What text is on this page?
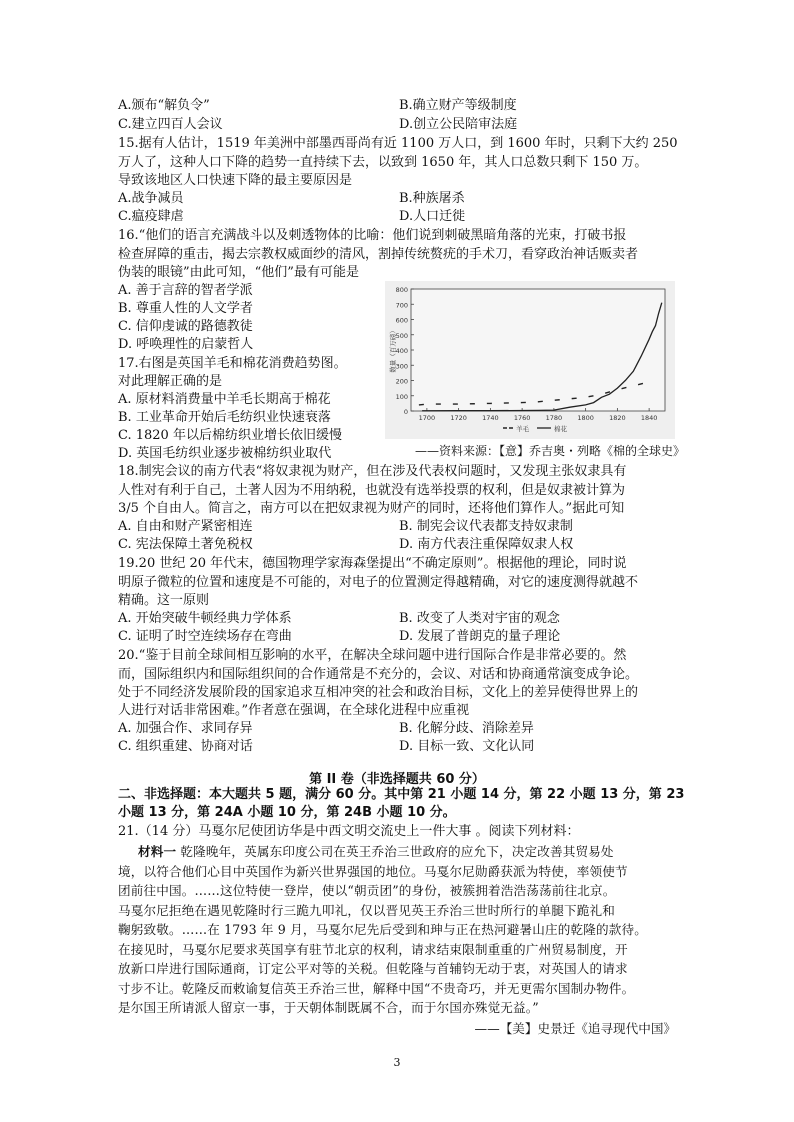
A.颁布“解负令”	B.确立财产等级制度
C.建立四百人会议	D.创立公民陪审法庭
15.据有人估计，1519 年美洲中部墨西哥尚有近 1100 万人口，到 1600 年时，只剩下大约 250
万人了，这种人口下降的趋势一直持续下去，以致到 1650 年，其人口总数只剩下 150 万。
导致该地区人口快速下降的最主要原因是
A.战争减员	B.种族屠杀
C.瘟疫肆虐	D.人口迁徙
16.“他们的语言充满战斗以及刺透物体的比喻：他们说到刺破黑暗角落的光束，打破书报
检查屏障的重击，揭去宗教权威面纱的清风，割掉传统赘疣的手术刀，看穿政治神话贩卖者
伪装的眼镜”由此可知，“他们”最有可能是
A. 善于言辞的智者学派
B. 尊重人性的人文学者
C. 信仰虔诚的路德教徒
D. 呼唤理性的启蒙哲人
17.右图是英国羊毛和棉花消费趋势图。
对此理解正确的是
A. 原材料消费量中羊毛长期高于棉花
B. 工业革命开始后毛纺织业快速衰落
C. 1820 年以后棉纺织业增长依旧缓慢
D. 英国毛纺织业逐步被棉纺织业取代
0
100
200
300
400
500
600
700
800
1700 1720 1740 1760 1780 1800 1820 1840
数量（百万磅）
羊毛	棉花
——资料来源：【意】乔吉奥・列略《棉的全球史》
18.制宪会议的南方代表“将奴隶视为财产，但在涉及代表权问题时，又发现主张奴隶具有
人性对有利于自己，土著人因为不用纳税，也就没有选举投票的权利，但是奴隶被计算为
3/5 个自由人。简言之，南方可以在把奴隶视为财产的同时，还将他们算作人。”据此可知
A. 自由和财产紧密相连	B. 制宪会议代表都支持奴隶制
C. 宪法保障土著免税权	D. 南方代表注重保障奴隶人权
19.20 世纪 20 年代末，德国物理学家海森堡提出“不确定原则”。根据他的理论，同时说
明原子微粒的位置和速度是不可能的，对电子的位置测定得越精确，对它的速度测得就越不
精确。这一原则
A. 开始突破牛顿经典力学体系	B. 改变了人类对宇宙的观念
C. 证明了时空连续场存在弯曲	D. 发展了普朗克的量子理论
20.“鉴于目前全球间相互影响的水平，在解决全球问题中进行国际合作是非常必要的。然
而，国际组织内和国际组织间的合作通常是不充分的，会议、对话和协商通常演变成争论。
处于不同经济发展阶段的国家追求互相冲突的社会和政治目标，文化上的差异使得世界上的
人进行对话非常困难。”作者意在强调，在全球化进程中应重视
A. 加强合作、求同存异	B. 化解分歧、消除差异
C. 组织重建、协商对话	D. 目标一致、文化认同
第 II 卷（非选择题共 60 分）
二、非选择题：本大题共 5 题，满分 60 分。其中第 21 小题 14 分，第 22 小题 13 分，第 23
小题 13 分，第 24A 小题 10 分，第 24B 小题 10 分。
21.（14 分）马戛尔尼使团访华是中西文明交流史上一件大事 。阅读下列材料：
材料一 乾隆晚年，英属东印度公司在英王乔治三世政府的应允下，决定改善其贸易处
境，以符合他们心目中英国作为新兴世界强国的地位。马戛尔尼勋爵获派为特使，率领使节
团前往中国。……这位特使一登岸，使以“朝贡团”的身份，被簇拥着浩浩荡荡前往北京。
马戛尔尼拒绝在遇见乾隆时行三跪九叩礼，仅以晋见英王乔治三世时所行的单腿下跪礼和
鞠躬致敬。……在 1793 年 9 月，马戛尔尼先后受到和珅与正在热河避暑山庄的乾隆的款待。
在接见时，马戛尔尼要求英国享有驻节北京的权利，请求结束限制重重的广州贸易制度，开
放新口岸进行国际通商，订定公平对等的关税。但乾隆与首辅钧无动于衷，对英国人的请求
寸步不让。乾隆反而敕谕复信英王乔治三世，解释中国“不贵奇巧，并无更需尔国制办物件。
是尔国王所请派人留京一事，于天朝体制既属不合，而于尔国亦殊觉无益。”
——【美】史景迁《追寻现代中国》
3
